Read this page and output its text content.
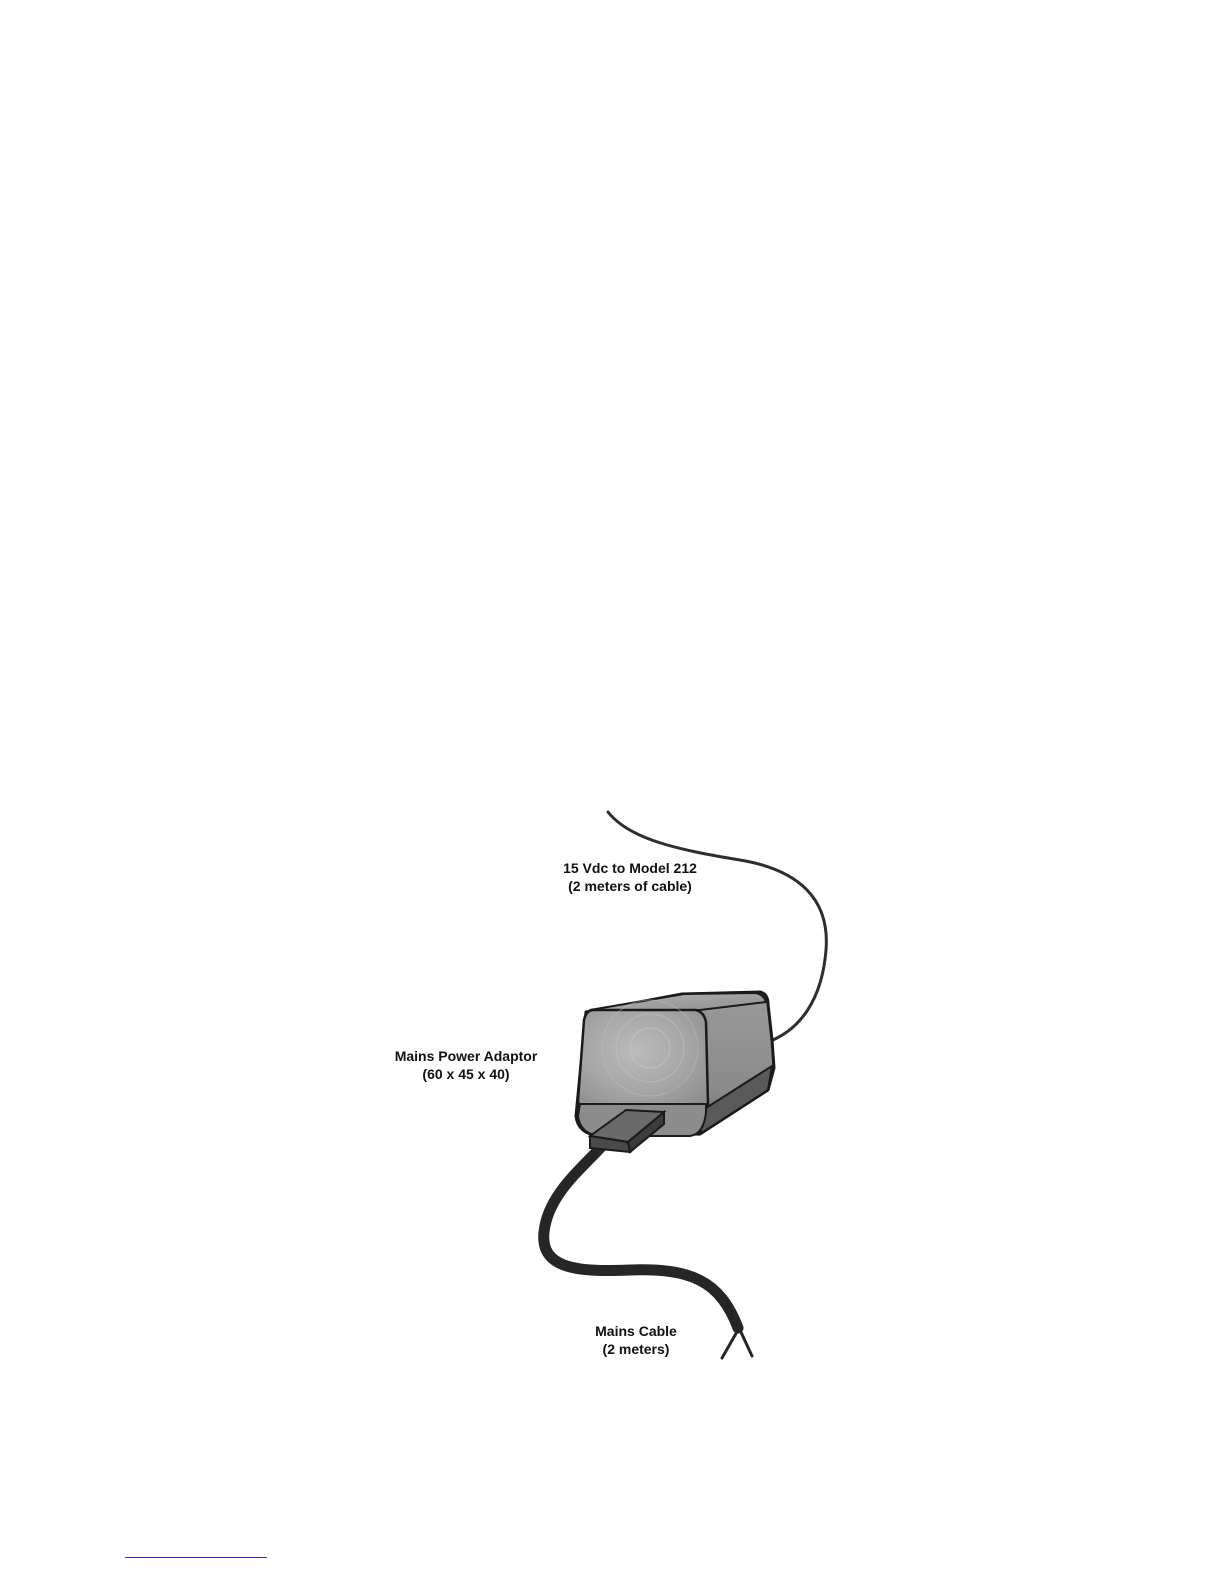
15 Vdc to Model 212
(2 meters of cable)
Mains Power Adaptor
(60 x 45 x 40)
Mains Cable
(2 meters)
